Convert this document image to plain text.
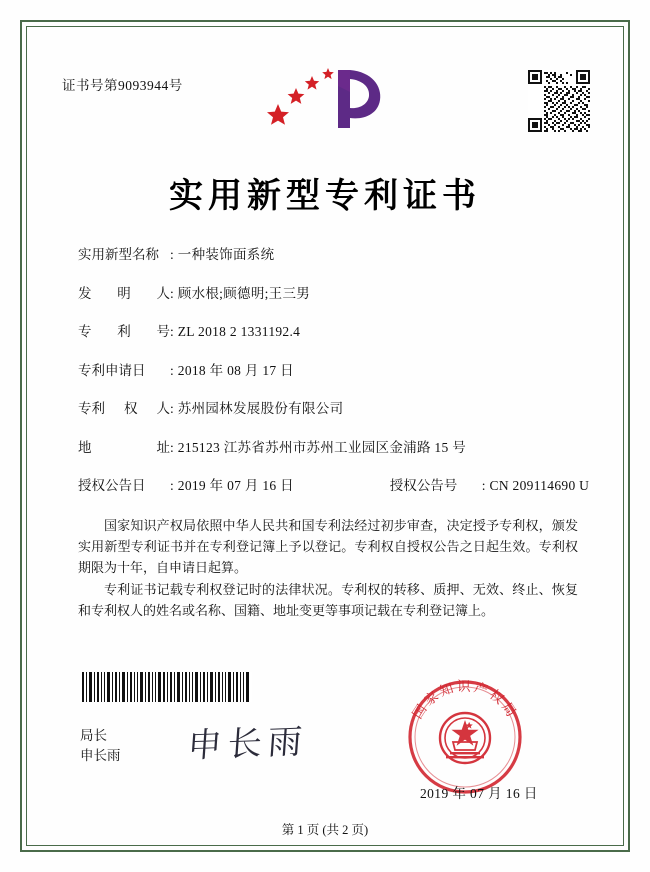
证书号第9093944号
实用新型专利证书
实用新型名称 : 一种装饰面系统
发 明 人 : 顾水根;顾德明;王三男
专 利 号 : ZL 2018 2 1331192.4
专利申请日	: 2018 年 08 月 17 日
专利 权 人 : 苏州园林发展股份有限公司
地	址 : 215123 江苏省苏州市苏州工业园区金浦路 15 号
授权公告日	: 2019 年 07 月 16 日	授权公告号	: CN 209114690 U

国家知识产权局依照中华人民共和国专利法经过初步审查，决定授予专利权，颁发实用新型专利证书并在专利登记簿上予以登记。专利权自授权公告之日起生效。专利权期限为十年，自申请日起算。

专利证书记载专利权登记时的法律状况。专利权的转移、质押、无效、终止、恢复和专利权人的姓名或名称、国籍、地址变更等事项记载在专利登记簿上。

局长
申长雨 申长雨
国家知识产权局
2019 年 07 月 16 日
第 1 页 (共 2 页)
